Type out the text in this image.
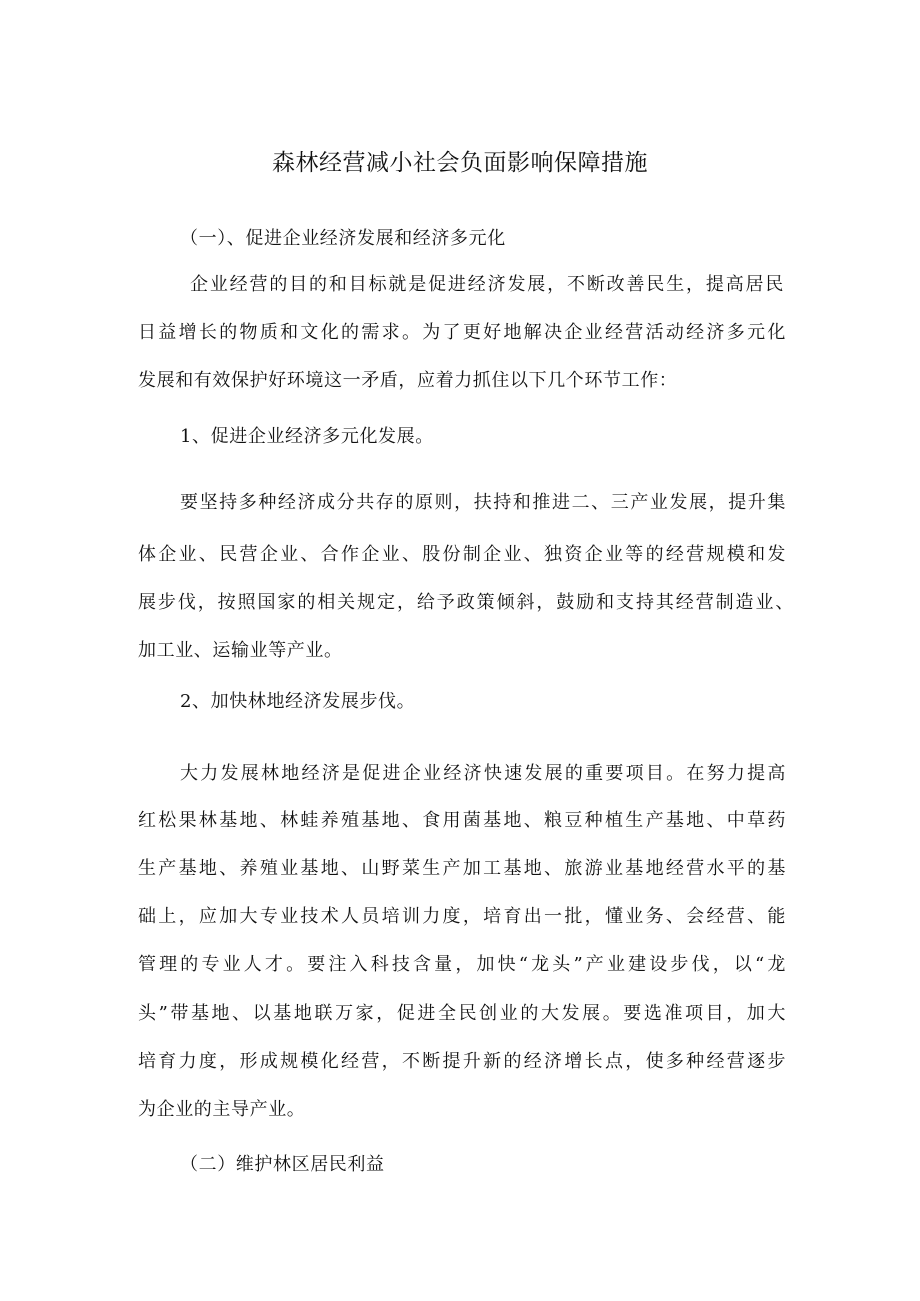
森林经营减小社会负面影响保障措施
（一）、促进企业经济发展和经济多元化
企业经营的目的和目标就是促进经济发展，不断改善民生，提高居民
日益增长的物质和文化的需求。为了更好地解决企业经营活动经济多元化
发展和有效保护好环境这一矛盾，应着力抓住以下几个环节工作：
1、促进企业经济多元化发展。
要坚持多种经济成分共存的原则，扶持和推进二、三产业发展，提升集
体企业、民营企业、合作企业、股份制企业、独资企业等的经营规模和发
展步伐，按照国家的相关规定，给予政策倾斜，鼓励和支持其经营制造业、
加工业、运输业等产业。
2、加快林地经济发展步伐。
大力发展林地经济是促进企业经济快速发展的重要项目。在努力提高
红松果林基地、林蛙养殖基地、食用菌基地、粮豆种植生产基地、中草药
生产基地、养殖业基地、山野菜生产加工基地、旅游业基地经营水平的基
础上，应加大专业技术人员培训力度，培育出一批，懂业务、会经营、能
管理的专业人才。要注入科技含量，加快“龙头”产业建设步伐，以“龙
头”带基地、以基地联万家，促进全民创业的大发展。要选准项目，加大
培育力度，形成规模化经营，不断提升新的经济增长点，使多种经营逐步
为企业的主导产业。
（二）维护林区居民利益
